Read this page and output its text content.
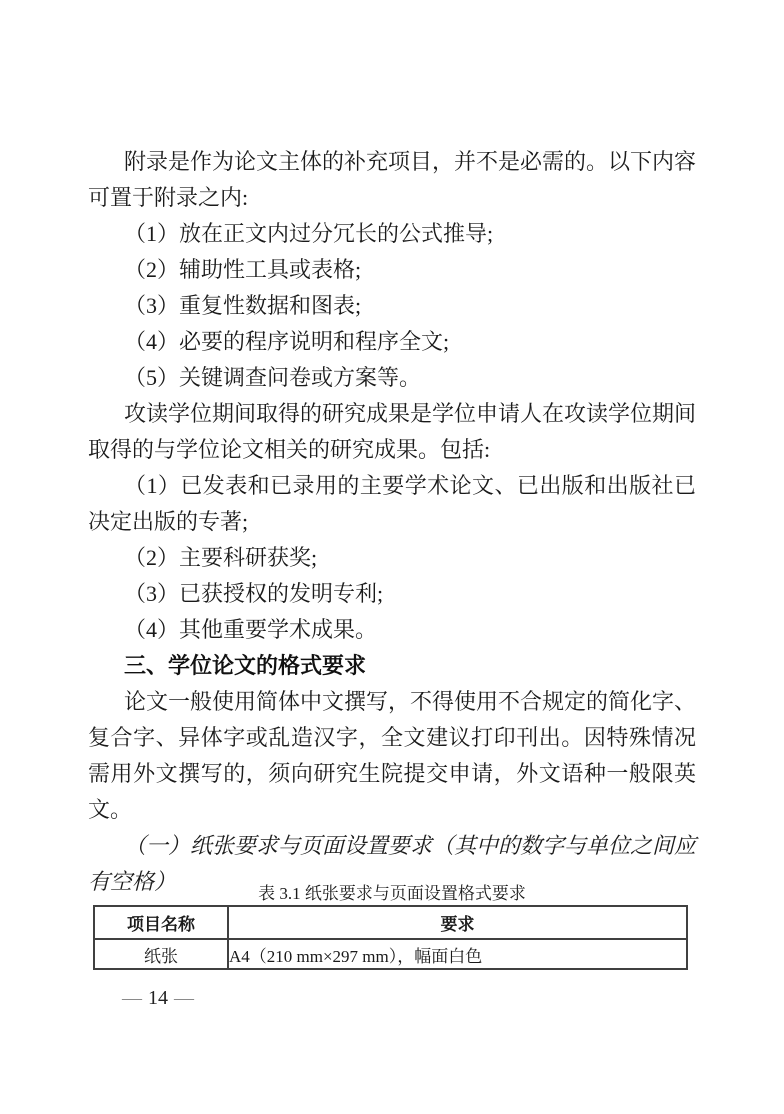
附录是作为论文主体的补充项目，并不是必需的。以下内容可置于附录之内:

（1）放在正文内过分冗长的公式推导;

（2）辅助性工具或表格;

（3）重复性数据和图表;

（4）必要的程序说明和程序全文;

（5）关键调查问卷或方案等。

攻读学位期间取得的研究成果是学位申请人在攻读学位期间取得的与学位论文相关的研究成果。包括:

（1）已发表和已录用的主要学术论文、已出版和出版社已决定出版的专著;

（2）主要科研获奖;

（3）已获授权的发明专利;

（4）其他重要学术成果。

三、学位论文的格式要求

论文一般使用简体中文撰写，不得使用不合规定的简化字、复合字、异体字或乱造汉字，全文建议打印刊出。因特殊情况需用外文撰写的，须向研究生院提交申请，外文语种一般限英文。

（一）纸张要求与页面设置要求（其中的数字与单位之间应有空格）	表 3.1 纸张要求与页面设置格式要求
项目名称	要求
纸张	A4（210 mm×297 mm），幅面白色
— 14 —
